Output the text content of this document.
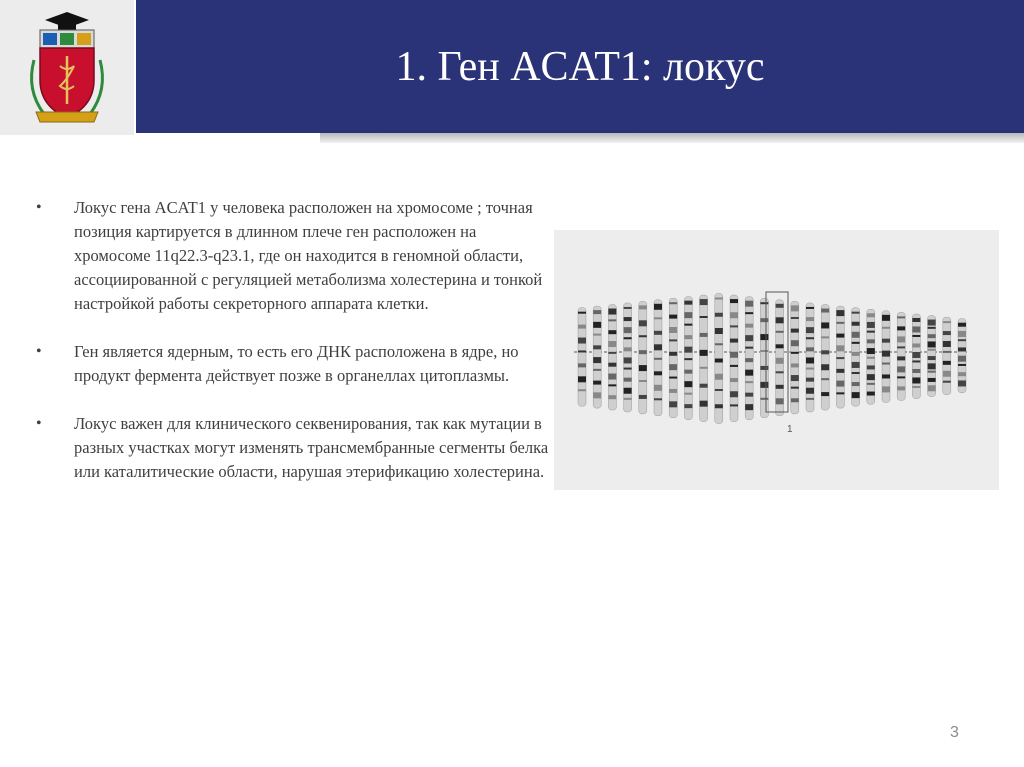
1. Ген ACAT1: локус
• Локус гена ACAT1 у человека расположен на хромосоме ; точная позиция картируется в длинном плече ген расположен на хромосоме 11q22.3-q23.1, где он находится в геномной области, ассоциированной с регуляцией метаболизма холестерина и тонкой настройкой работы секреторного аппарата клетки.
• Ген является ядерным, то есть его ДНК расположена в ядре, но продукт фермента действует позже в органеллах цитоплазмы.
• Локус важен для клинического секвенирования, так как мутации в разных участках могут изменять трансмембранные сегменты белка или каталитические области, нарушая этерификацию холестерина.
1
3
